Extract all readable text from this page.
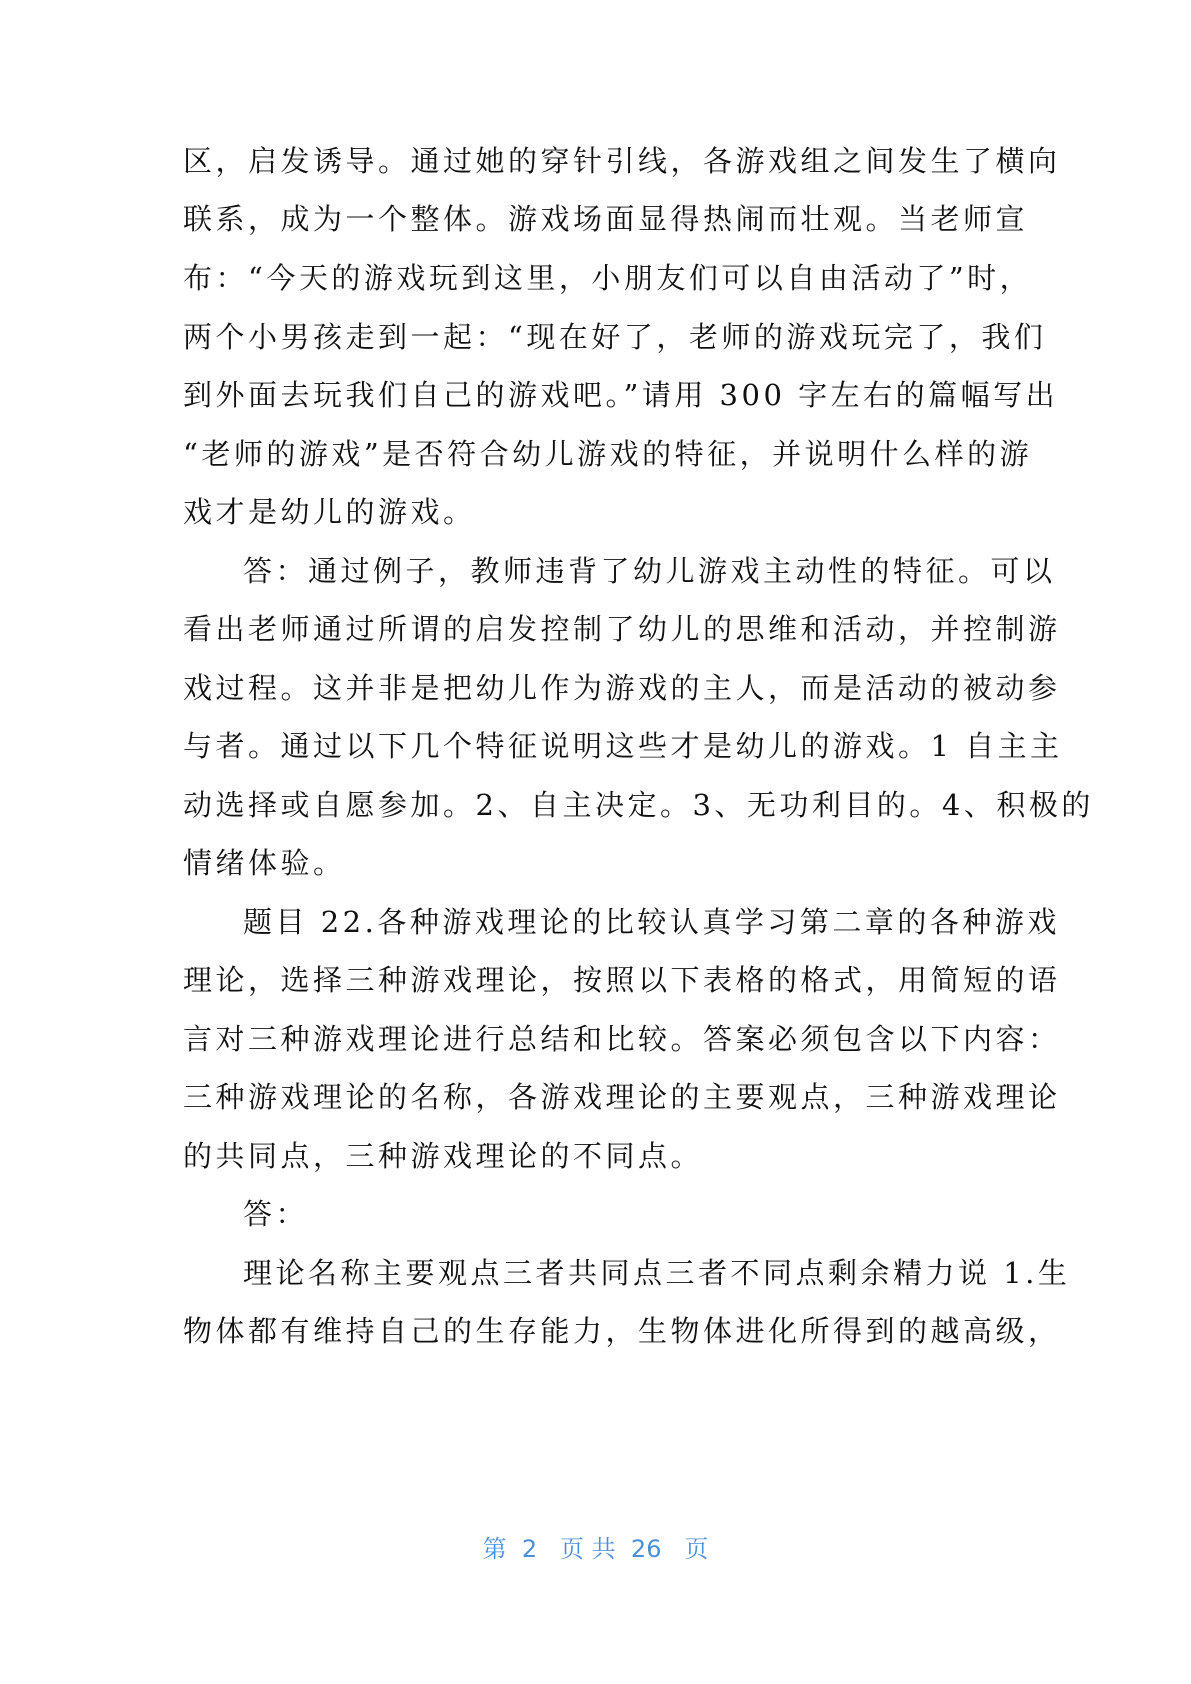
区，启发诱导。通过她的穿针引线，各游戏组之间发生了横向
联系，成为一个整体。游戏场面显得热闹而壮观。当老师宣
布：“今天的游戏玩到这里，小朋友们可以自由活动了”时，
两个小男孩走到一起：“现在好了，老师的游戏玩完了，我们
到外面去玩我们自己的游戏吧。”请用 300 字左右的篇幅写出
“老师的游戏”是否符合幼儿游戏的特征，并说明什么样的游
戏才是幼儿的游戏。
答：通过例子，教师违背了幼儿游戏主动性的特征。可以
看出老师通过所谓的启发控制了幼儿的思维和活动，并控制游
戏过程。这并非是把幼儿作为游戏的主人，而是活动的被动参
与者。通过以下几个特征说明这些才是幼儿的游戏。1 自主主
动选择或自愿参加。2、自主决定。3、无功利目的。4、积极的
情绪体验。
题目 22.各种游戏理论的比较认真学习第二章的各种游戏
理论，选择三种游戏理论，按照以下表格的格式，用简短的语
言对三种游戏理论进行总结和比较。答案必须包含以下内容：
三种游戏理论的名称，各游戏理论的主要观点，三种游戏理论
的共同点，三种游戏理论的不同点。
答：
理论名称主要观点三者共同点三者不同点剩余精力说 1.生
物体都有维持自己的生存能力，生物体进化所得到的越高级，
第  2   页 共  26   页
